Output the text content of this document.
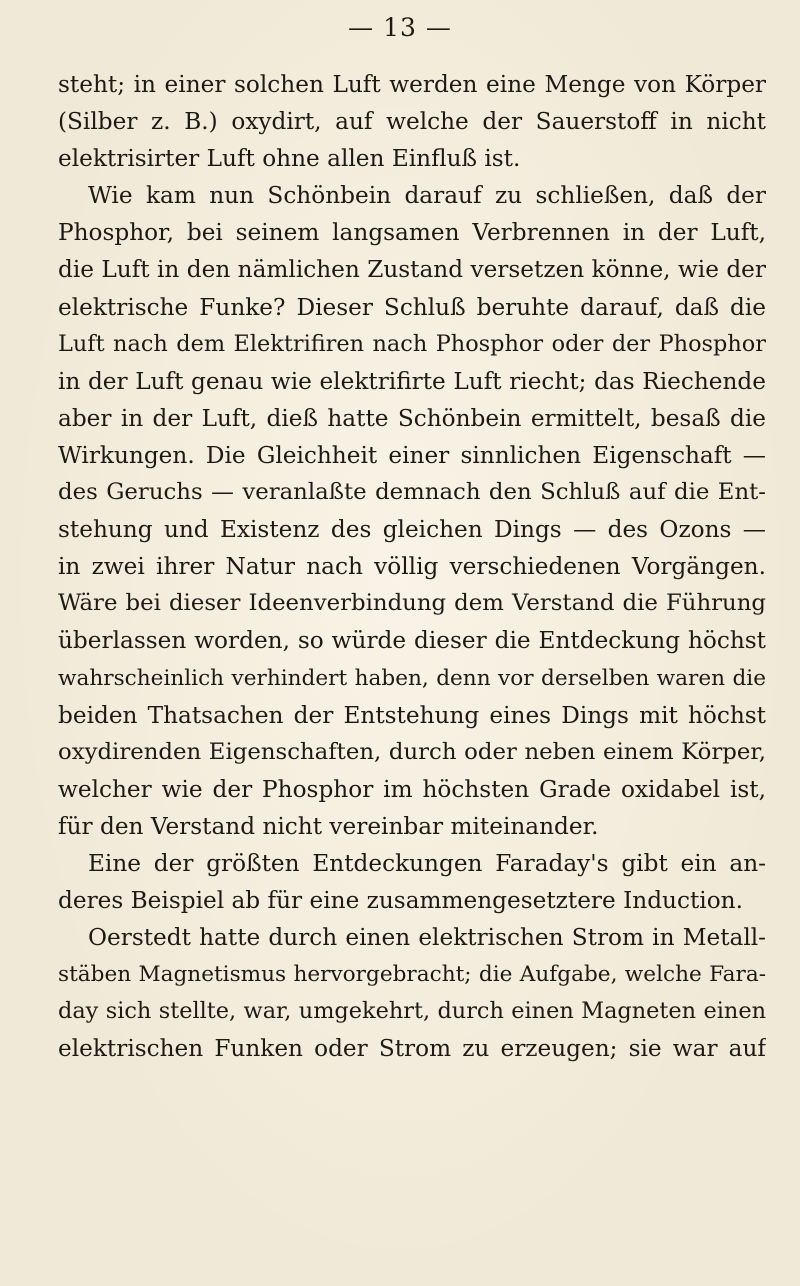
— 13 —
steht; in einer solchen Luft werden eine Menge von Körper
(Silber z. B.) oxydirt, auf welche der Sauerstoff in nicht
elektrisirter Luft ohne allen Einfluß ist.
Wie kam nun Schönbein darauf zu schließen, daß der
Phosphor, bei seinem langsamen Verbrennen in der Luft,
die Luft in den nämlichen Zustand versetzen könne, wie der
elektrische Funke? Dieser Schluß beruhte darauf, daß die
Luft nach dem Elektrifiren nach Phosphor oder der Phosphor
in der Luft genau wie elektrifirte Luft riecht; das Riechende
aber in der Luft, dieß hatte Schönbein ermittelt, besaß die
Wirkungen. Die Gleichheit einer sinnlichen Eigenschaft —
des Geruchs — veranlaßte demnach den Schluß auf die Ent-
stehung und Existenz des gleichen Dings — des Ozons —
in zwei ihrer Natur nach völlig verschiedenen Vorgängen.
Wäre bei dieser Ideenverbindung dem Verstand die Führung
überlassen worden, so würde dieser die Entdeckung höchst
wahrscheinlich verhindert haben, denn vor derselben waren die
beiden Thatsachen der Entstehung eines Dings mit höchst
oxydirenden Eigenschaften, durch oder neben einem Körper,
welcher wie der Phosphor im höchsten Grade oxidabel ist,
für den Verstand nicht vereinbar miteinander.
Eine der größten Entdeckungen Faraday's gibt ein an-
deres Beispiel ab für eine zusammengesetztere Induction.
Oerstedt hatte durch einen elektrischen Strom in Metall-
stäben Magnetismus hervorgebracht; die Aufgabe, welche Fara-
day sich stellte, war, umgekehrt, durch einen Magneten einen
elektrischen Funken oder Strom zu erzeugen; sie war auf
